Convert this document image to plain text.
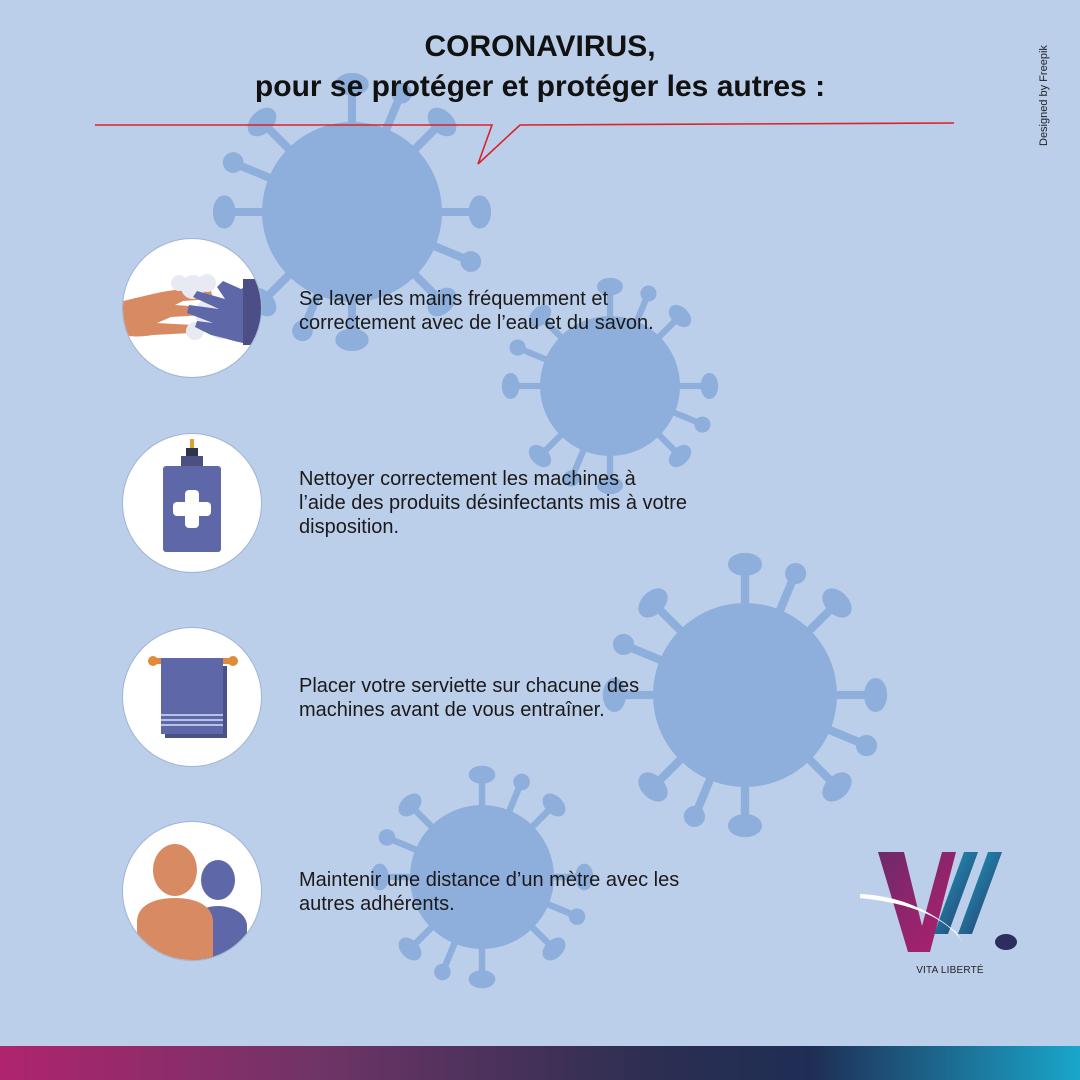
CORONAVIRUS,
pour se protéger et protéger les autres :	Designed by Freepik
Se laver les mains fréquemment et
correctement avec de l’eau et du savon.
Nettoyer correctement les machines à
l’aide des produits désinfectants mis à votre
disposition.
Placer votre serviette sur chacune des
machines avant de vous entraîner.
Maintenir une distance d’un mètre avec les
autres adhérents.
VITA LIBERTÉ
